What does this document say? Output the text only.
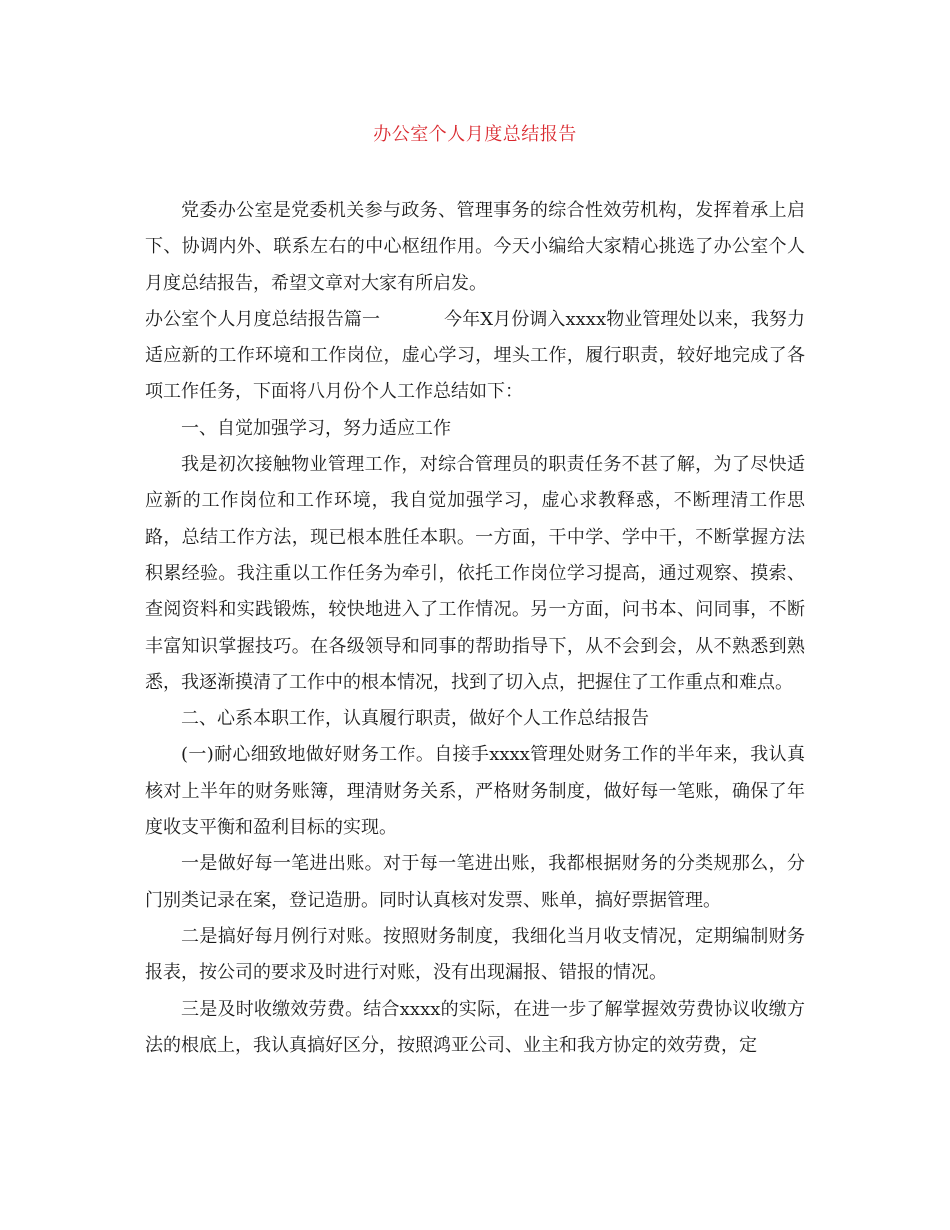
办公室个人月度总结报告

党委办公室是党委机关参与政务、管理事务的综合性效劳机构，发挥着承上启下、协调内外、联系左右的中心枢纽作用。今天小编给大家精心挑选了办公室个人月度总结报告，希望文章对大家有所启发。

办公室个人月度总结报告篇一	今年X月份调入xxxx物业管理处以来，我努力适应新的工作环境和工作岗位，虚心学习，埋头工作，履行职责，较好地完成了各项工作任务，下面将八月份个人工作总结如下：

一、自觉加强学习，努力适应工作

我是初次接触物业管理工作，对综合管理员的职责任务不甚了解，为了尽快适应新的工作岗位和工作环境，我自觉加强学习，虚心求教释惑，不断理清工作思路，总结工作方法，现已根本胜任本职。一方面，干中学、学中干，不断掌握方法积累经验。我注重以工作任务为牵引，依托工作岗位学习提高，通过观察、摸索、查阅资料和实践锻炼，较快地进入了工作情况。另一方面，问书本、问同事，不断丰富知识掌握技巧。在各级领导和同事的帮助指导下，从不会到会，从不熟悉到熟悉，我逐渐摸清了工作中的根本情况，找到了切入点，把握住了工作重点和难点。

二、心系本职工作，认真履行职责，做好个人工作总结报告

(一)耐心细致地做好财务工作。自接手xxxx管理处财务工作的半年来，我认真核对上半年的财务账簿，理清财务关系，严格财务制度，做好每一笔账，确保了年度收支平衡和盈利目标的实现。

一是做好每一笔进出账。对于每一笔进出账，我都根据财务的分类规那么，分门别类记录在案，登记造册。同时认真核对发票、账单，搞好票据管理。

二是搞好每月例行对账。按照财务制度，我细化当月收支情况，定期编制财务报表，按公司的要求及时进行对账，没有出现漏报、错报的情况。

三是及时收缴效劳费。结合xxxx的实际，在进一步了解掌握效劳费协议收缴方法的根底上，我认真搞好区分，按照鸿亚公司、业主和我方协定的效劳费，定
